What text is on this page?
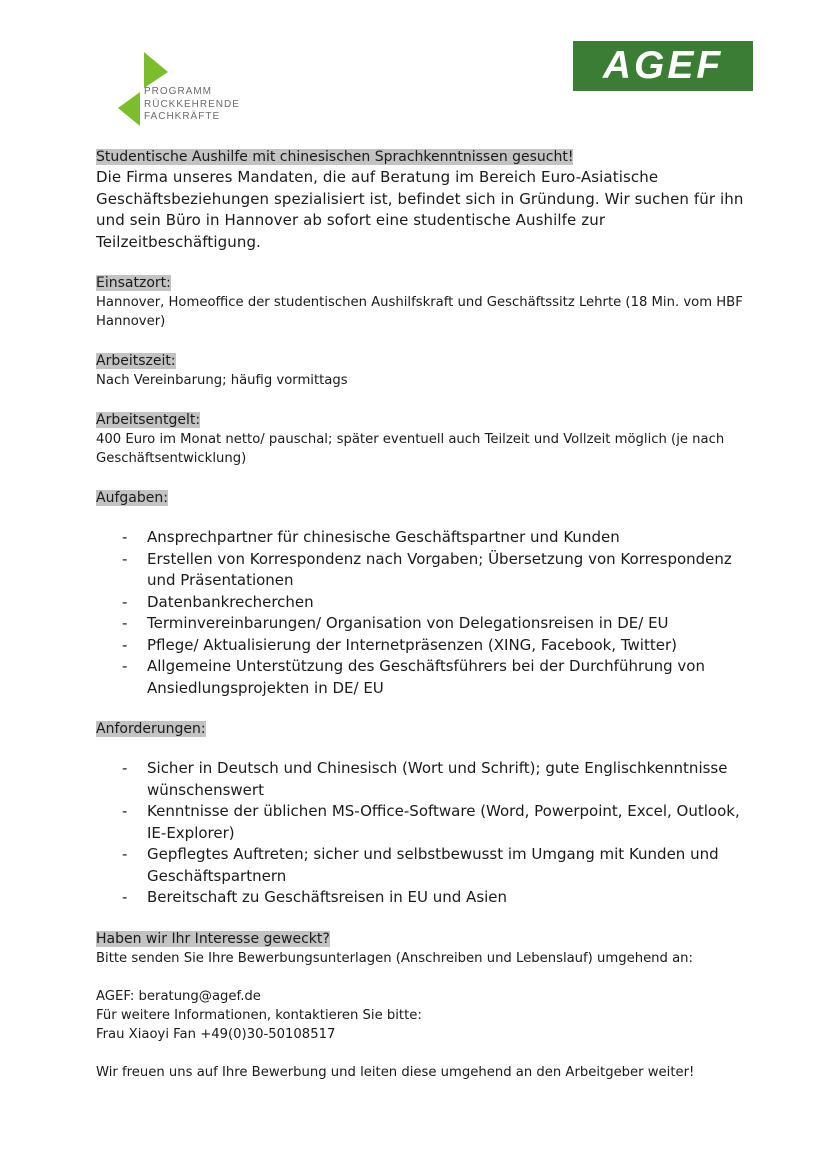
PROGRAMM
RÜCKKEHRENDE
FACHKRÄFTE
AGEF
Studentische Aushilfe mit chinesischen Sprachkenntnissen gesucht!
Die Firma unseres Mandaten, die auf Beratung im Bereich Euro-Asiatische Geschäftsbeziehungen spezialisiert ist, befindet sich in Gründung. Wir suchen für ihn und sein Büro in Hannover ab sofort eine studentische Aushilfe zur Teilzeitbeschäftigung.
Einsatzort:
Hannover, Homeoffice der studentischen Aushilfskraft und Geschäftssitz Lehrte (18 Min. vom HBF Hannover)
Arbeitszeit:
Nach Vereinbarung; häufig vormittags
Arbeitsentgelt:
400 Euro im Monat netto/ pauschal; später eventuell auch Teilzeit und Vollzeit möglich (je nach Geschäftsentwicklung)
Aufgaben:
- Ansprechpartner für chinesische Geschäftspartner und Kunden
- Erstellen von Korrespondenz nach Vorgaben; Übersetzung von Korrespondenz und Präsentationen
- Datenbankrecherchen
- Terminvereinbarungen/ Organisation von Delegationsreisen in DE/ EU
- Pflege/ Aktualisierung der Internetpräsenzen (XING, Facebook, Twitter)
- Allgemeine Unterstützung des Geschäftsführers bei der Durchführung von Ansiedlungsprojekten in DE/ EU
Anforderungen:
- Sicher in Deutsch und Chinesisch (Wort und Schrift); gute Englischkenntnisse wünschenswert
- Kenntnisse der üblichen MS-Office-Software (Word, Powerpoint, Excel, Outlook, IE-Explorer)
- Gepflegtes Auftreten; sicher und selbstbewusst im Umgang mit Kunden und Geschäftspartnern
- Bereitschaft zu Geschäftsreisen in EU und Asien
Haben wir Ihr Interesse geweckt?
Bitte senden Sie Ihre Bewerbungsunterlagen (Anschreiben und Lebenslauf) umgehend an:
AGEF: beratung@agef.de
Für weitere Informationen, kontaktieren Sie bitte:
Frau Xiaoyi Fan +49(0)30-50108517
Wir freuen uns auf Ihre Bewerbung und leiten diese umgehend an den Arbeitgeber weiter!
